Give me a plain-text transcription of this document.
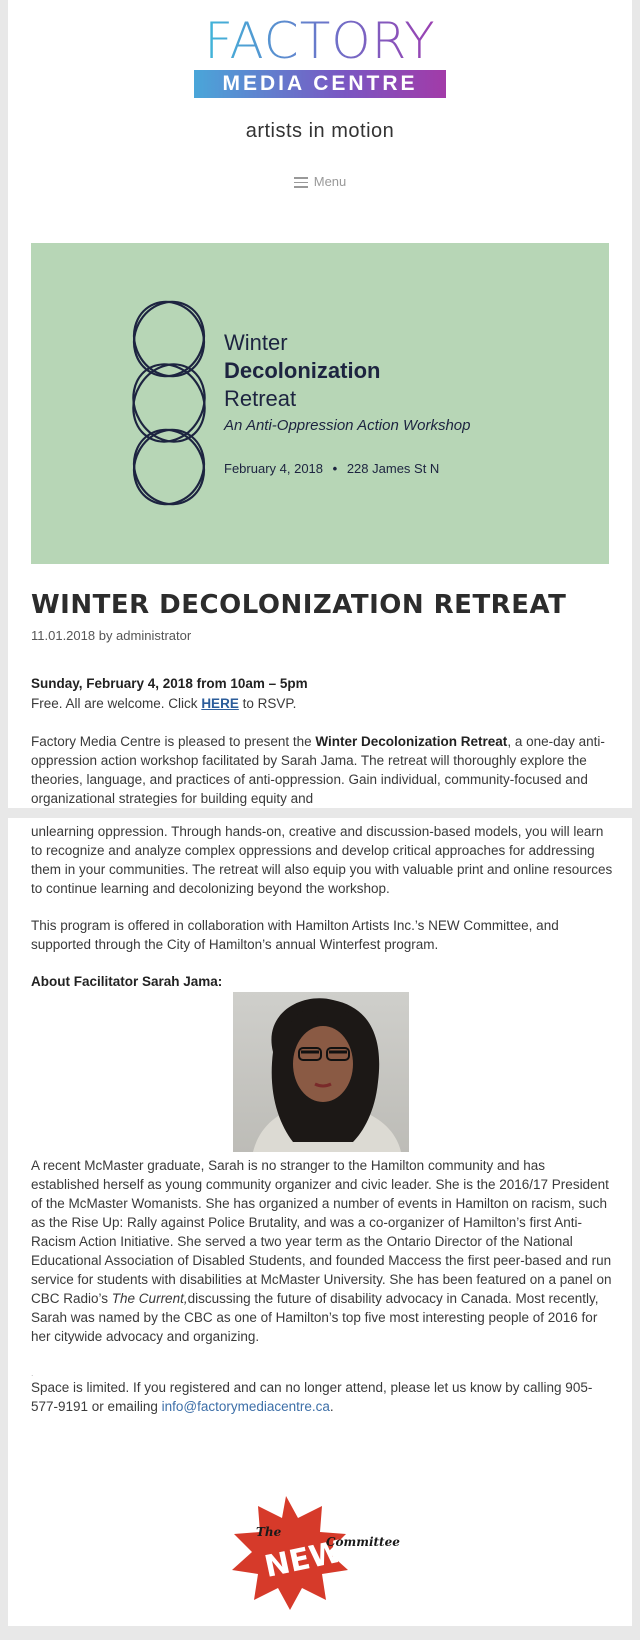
FACTORY
MEDIA CENTRE
artists in motion
Menu
Winter
Decolonization
Retreat
An Anti-Oppression Action Workshop
February 4, 2018 • 228 James St N
WINTER DECOLONIZATION RETREAT
11.01.2018 by administrator
Sunday, February 4, 2018 from 10am – 5pm
Free. All are welcome. Click HERE to RSVP.
Factory Media Centre is pleased to present the Winter Decolonization Retreat, a one-day anti-oppression action workshop facilitated by Sarah Jama. The retreat will thoroughly explore the theories, language, and practices of anti-oppression. Gain individual, community-focused and organizational strategies for building equity and
unlearning oppression. Through hands-on, creative and discussion-based models, you will learn to recognize and analyze complex oppressions and develop critical approaches for addressing them in your communities. The retreat will also equip you with valuable print and online resources to continue learning and decolonizing beyond the workshop.
This program is offered in collaboration with Hamilton Artists Inc.’s NEW Committee, and supported through the City of Hamilton’s annual Winterfest program.
About Facilitator Sarah Jama:
A recent McMaster graduate, Sarah is no stranger to the Hamilton community and has established herself as young community organizer and civic leader. She is the 2016/17 President of the McMaster Womanists. She has organized a number of events in Hamilton on racism, such as the Rise Up: Rally against Police Brutality, and was a co-organizer of Hamilton’s first Anti-Racism Action Initiative. She served a two year term as the Ontario Director of the National Educational Association of Disabled Students, and founded Maccess the first peer-based and run service for students with disabilities at McMaster University. She has been featured on a panel on CBC Radio’s The Current,discussing the future of disability advocacy in Canada. Most recently, Sarah was named by the CBC as one of Hamilton’s top five most interesting people of 2016 for her citywide advocacy and organizing.
.
Space is limited. If you registered and can no longer attend, please let us know by calling 905-577-9191 or emailing info@factorymediacentre.ca.
The
NEW
Committee
